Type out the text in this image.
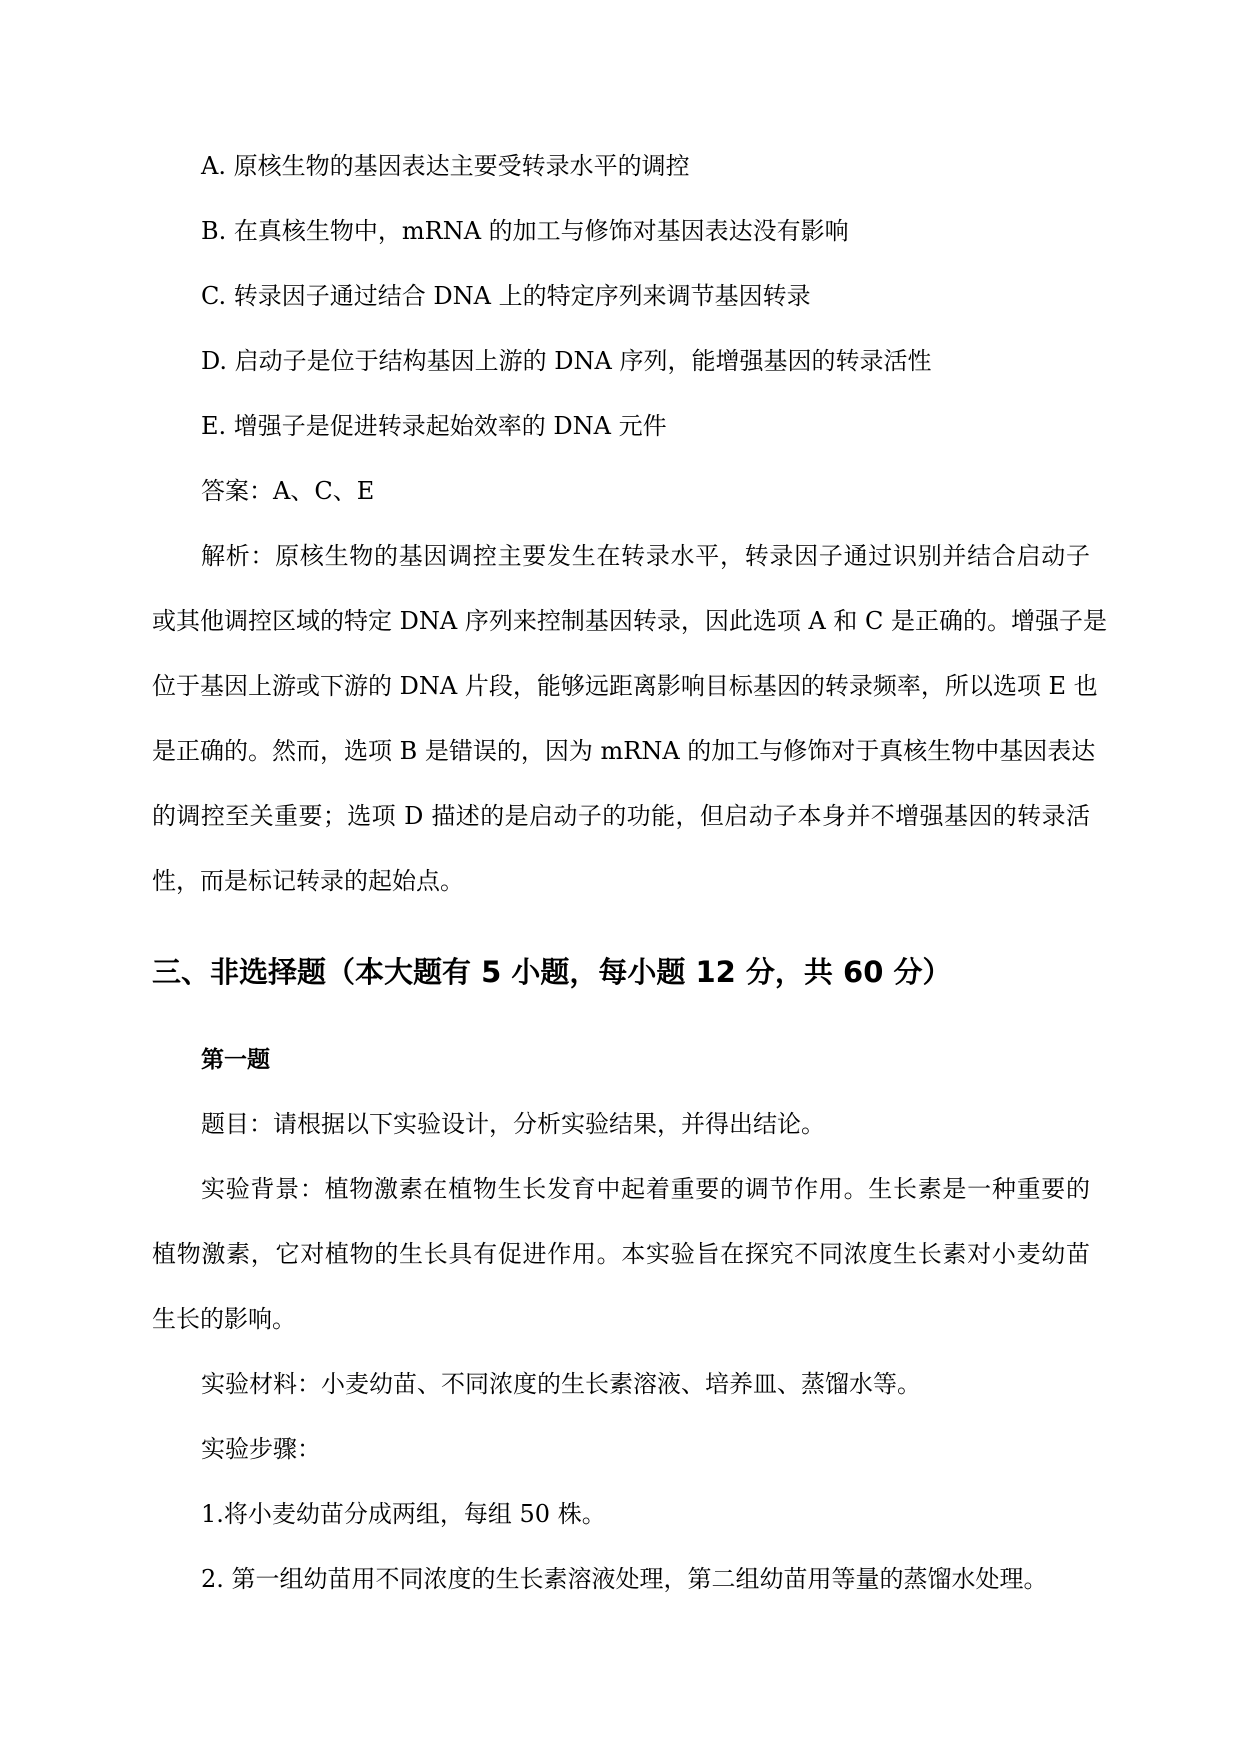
A. 原核生物的基因表达主要受转录水平的调控
B. 在真核生物中，mRNA 的加工与修饰对基因表达没有影响
C. 转录因子通过结合 DNA 上的特定序列来调节基因转录
D. 启动子是位于结构基因上游的 DNA 序列，能增强基因的转录活性
E. 增强子是促进转录起始效率的 DNA 元件
答案：A、C、E
解析：原核生物的基因调控主要发生在转录水平，转录因子通过识别并结合启动子
或其他调控区域的特定 DNA 序列来控制基因转录，因此选项 A 和 C 是正确的。增强子是
位于基因上游或下游的 DNA 片段，能够远距离影响目标基因的转录频率，所以选项 E 也
是正确的。然而，选项 B 是错误的，因为 mRNA 的加工与修饰对于真核生物中基因表达
的调控至关重要；选项 D 描述的是启动子的功能，但启动子本身并不增强基因的转录活
性，而是标记转录的起始点。
三、非选择题（本大题有 5 小题，每小题 12 分，共 60 分）
第一题
题目：请根据以下实验设计，分析实验结果，并得出结论。
实验背景：植物激素在植物生长发育中起着重要的调节作用。生长素是一种重要的
植物激素，它对植物的生长具有促进作用。本实验旨在探究不同浓度生长素对小麦幼苗
生长的影响。
实验材料：小麦幼苗、不同浓度的生长素溶液、培养皿、蒸馏水等。
实验步骤：
1.将小麦幼苗分成两组，每组 50 株。
2. 第一组幼苗用不同浓度的生长素溶液处理，第二组幼苗用等量的蒸馏水处理。
